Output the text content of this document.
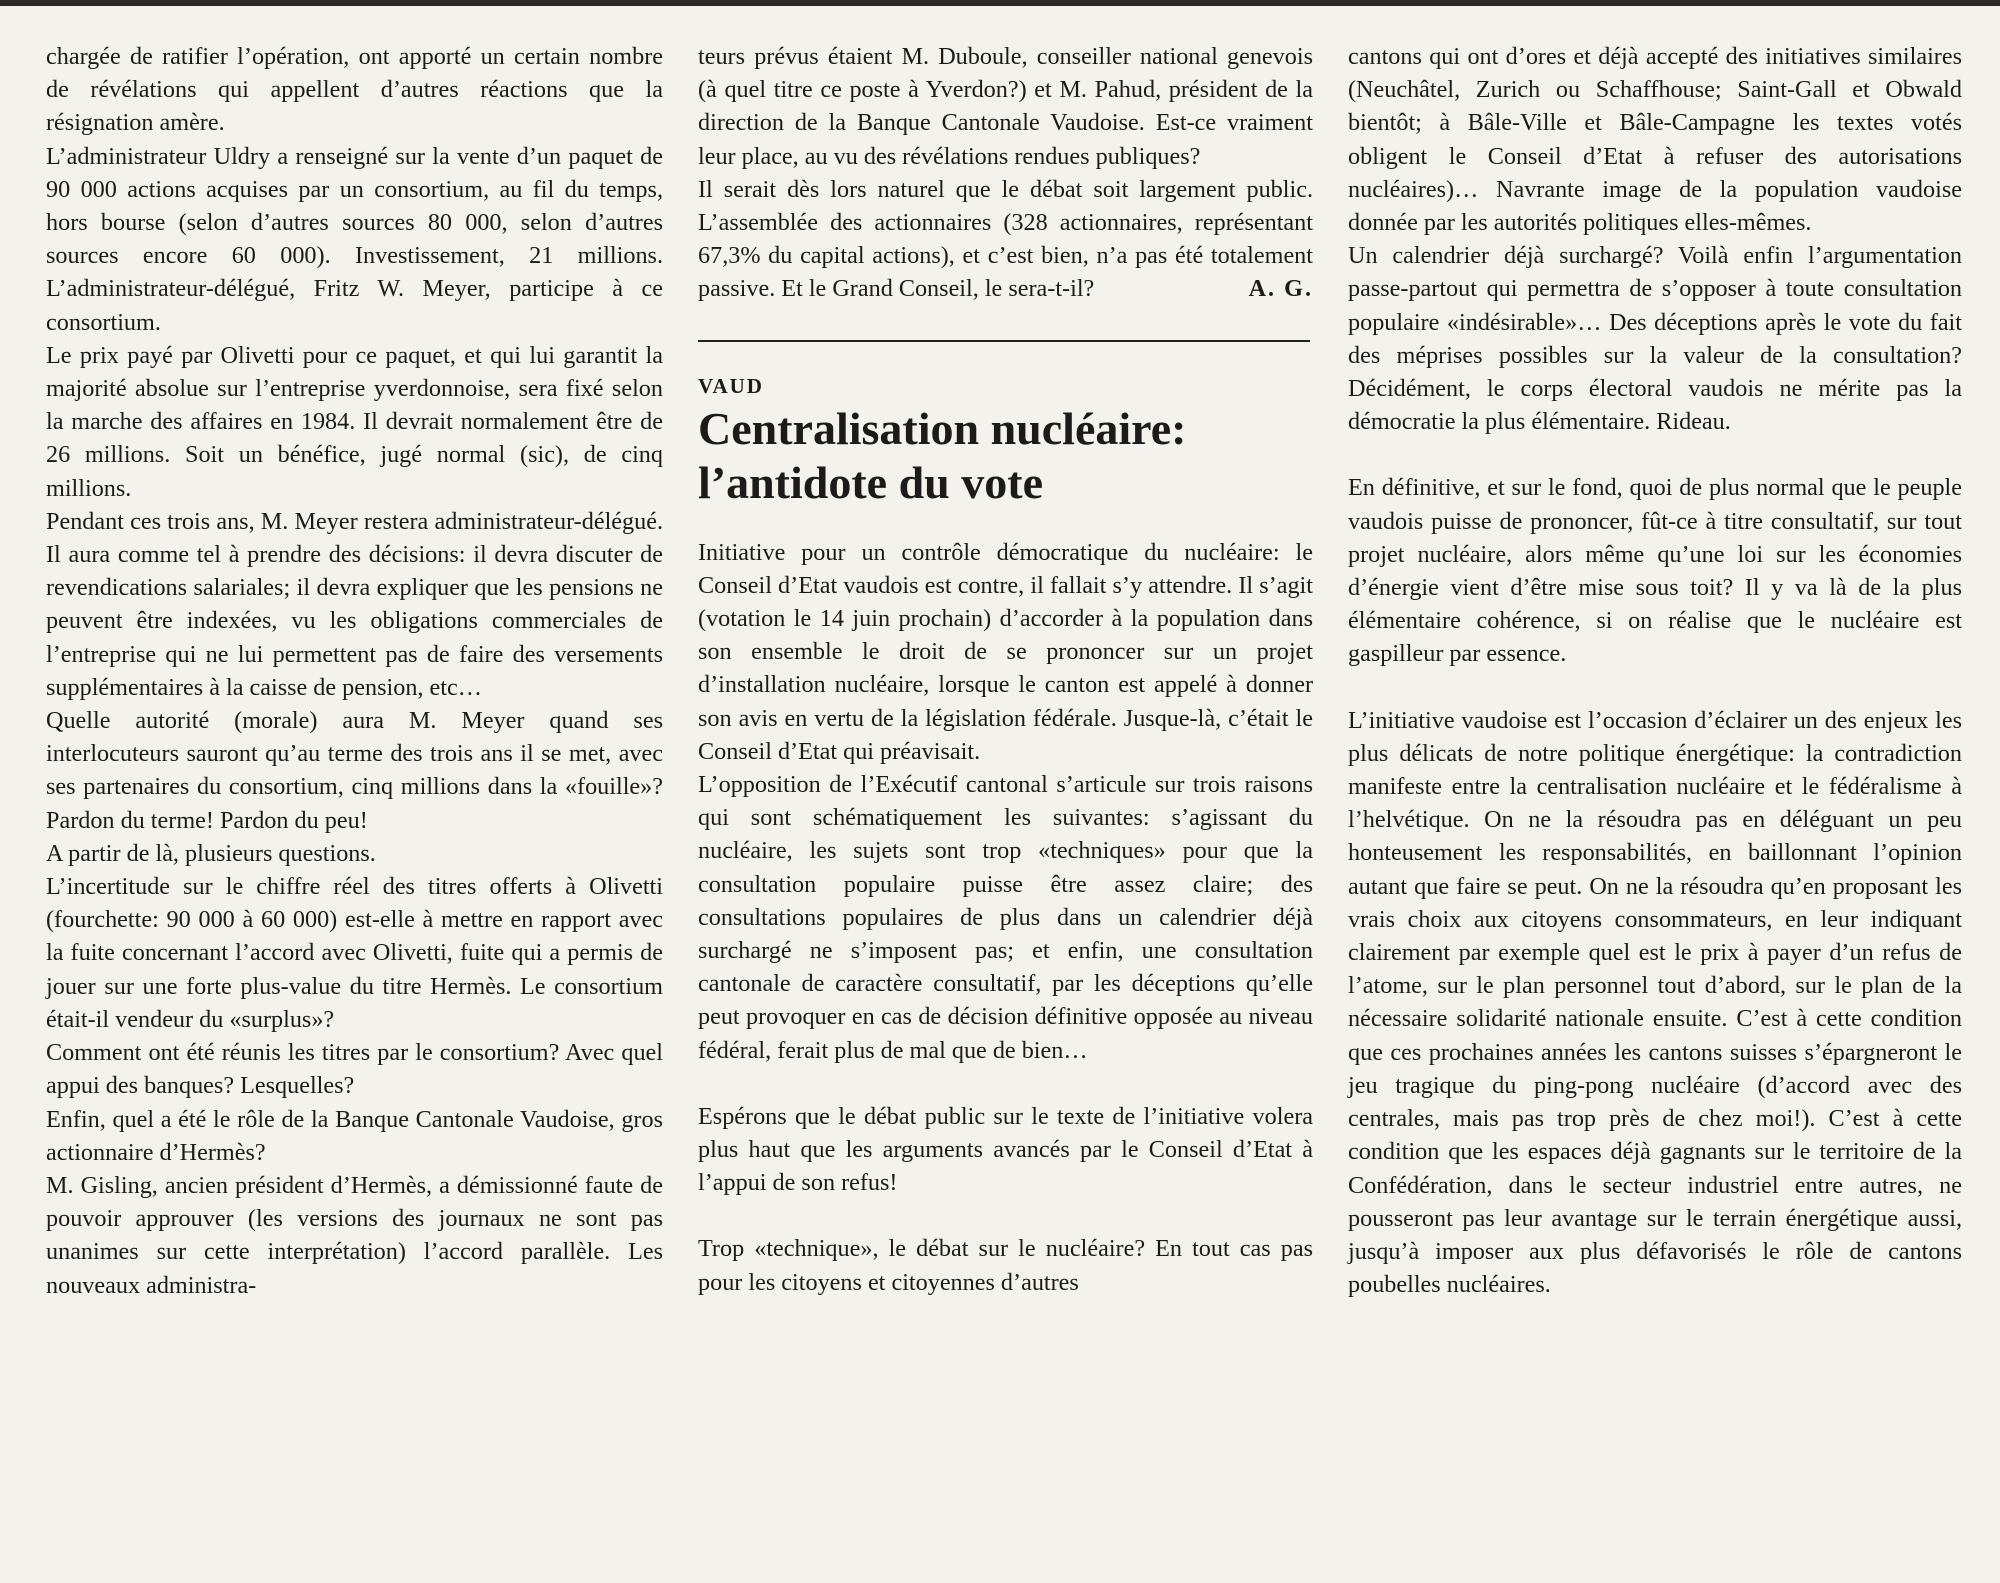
chargée de ratifier l’opération, ont apporté un certain nombre de révélations qui appellent d’autres réactions que la résignation amère.

L’administrateur Uldry a renseigné sur la vente d’un paquet de 90 000 actions acquises par un consortium, au fil du temps, hors bourse (selon d’autres sources 80 000, selon d’autres sources encore 60 000). Investissement, 21 millions. L’administrateur-délégué, Fritz W. Meyer, participe à ce consortium.

Le prix payé par Olivetti pour ce paquet, et qui lui garantit la majorité absolue sur l’entreprise yverdonnoise, sera fixé selon la marche des affaires en 1984. Il devrait normalement être de 26 millions. Soit un bénéfice, jugé normal (sic), de cinq millions.

Pendant ces trois ans, M. Meyer restera administrateur-délégué. Il aura comme tel à prendre des décisions: il devra discuter de revendications salariales; il devra expliquer que les pensions ne peuvent être indexées, vu les obligations commerciales de l’entreprise qui ne lui permettent pas de faire des versements supplémentaires à la caisse de pension, etc…

Quelle autorité (morale) aura M. Meyer quand ses interlocuteurs sauront qu’au terme des trois ans il se met, avec ses partenaires du consortium, cinq millions dans la «fouille»? Pardon du terme! Pardon du peu!

A partir de là, plusieurs questions.

L’incertitude sur le chiffre réel des titres offerts à Olivetti (fourchette: 90 000 à 60 000) est-elle à mettre en rapport avec la fuite concernant l’accord avec Olivetti, fuite qui a permis de jouer sur une forte plus-value du titre Hermès. Le consortium était-il vendeur du «surplus»?

Comment ont été réunis les titres par le consortium? Avec quel appui des banques? Lesquelles?

Enfin, quel a été le rôle de la Banque Cantonale Vaudoise, gros actionnaire d’Hermès?

M. Gisling, ancien président d’Hermès, a démissionné faute de pouvoir approuver (les versions des journaux ne sont pas unanimes sur cette interprétation) l’accord parallèle. Les nouveaux administra-

teurs prévus étaient M. Duboule, conseiller national genevois (à quel titre ce poste à Yverdon?) et M. Pahud, président de la direction de la Banque Cantonale Vaudoise. Est-ce vraiment leur place, au vu des révélations rendues publiques?

Il serait dès lors naturel que le débat soit largement public. L’assemblée des actionnaires (328 actionnaires, représentant 67,3% du capital actions), et c’est bien, n’a pas été totalement passive. Et le Grand Conseil, le sera-t-il?	A. G.

VAUD
Centralisation nucléaire:
l’antidote du vote

Initiative pour un contrôle démocratique du nucléaire: le Conseil d’Etat vaudois est contre, il fallait s’y attendre. Il s’agit (votation le 14 juin prochain) d’accorder à la population dans son ensemble le droit de se prononcer sur un projet d’installation nucléaire, lorsque le canton est appelé à donner son avis en vertu de la législation fédérale. Jusque-là, c’était le Conseil d’Etat qui préavisait.

L’opposition de l’Exécutif cantonal s’articule sur trois raisons qui sont schématiquement les suivantes: s’agissant du nucléaire, les sujets sont trop «techniques» pour que la consultation populaire puisse être assez claire; des consultations populaires de plus dans un calendrier déjà surchargé ne s’imposent pas; et enfin, une consultation cantonale de caractère consultatif, par les déceptions qu’elle peut provoquer en cas de décision définitive opposée au niveau fédéral, ferait plus de mal que de bien…

Espérons que le débat public sur le texte de l’initiative volera plus haut que les arguments avancés par le Conseil d’Etat à l’appui de son refus!

Trop «technique», le débat sur le nucléaire? En tout cas pas pour les citoyens et citoyennes d’autres

cantons qui ont d’ores et déjà accepté des initiatives similaires (Neuchâtel, Zurich ou Schaffhouse; Saint-Gall et Obwald bientôt; à Bâle-Ville et Bâle-Campagne les textes votés obligent le Conseil d’Etat à refuser des autorisations nucléaires)… Navrante image de la population vaudoise donnée par les autorités politiques elles-mêmes.

Un calendrier déjà surchargé? Voilà enfin l’argumentation passe-partout qui permettra de s’opposer à toute consultation populaire «indésirable»… Des déceptions après le vote du fait des méprises possibles sur la valeur de la consultation? Décidément, le corps électoral vaudois ne mérite pas la démocratie la plus élémentaire. Rideau.

En définitive, et sur le fond, quoi de plus normal que le peuple vaudois puisse de prononcer, fût-ce à titre consultatif, sur tout projet nucléaire, alors même qu’une loi sur les économies d’énergie vient d’être mise sous toit? Il y va là de la plus élémentaire cohérence, si on réalise que le nucléaire est gaspilleur par essence.

L’initiative vaudoise est l’occasion d’éclairer un des enjeux les plus délicats de notre politique énergétique: la contradiction manifeste entre la centralisation nucléaire et le fédéralisme à l’helvétique. On ne la résoudra pas en déléguant un peu honteusement les responsabilités, en baillonnant l’opinion autant que faire se peut. On ne la résoudra qu’en proposant les vrais choix aux citoyens consommateurs, en leur indiquant clairement par exemple quel est le prix à payer d’un refus de l’atome, sur le plan personnel tout d’abord, sur le plan de la nécessaire solidarité nationale ensuite. C’est à cette condition que ces prochaines années les cantons suisses s’épargneront le jeu tragique du ping-pong nucléaire (d’accord avec des centrales, mais pas trop près de chez moi!). C’est à cette condition que les espaces déjà gagnants sur le territoire de la Confédération, dans le secteur industriel entre autres, ne pousseront pas leur avantage sur le terrain énergétique aussi, jusqu’à imposer aux plus défavorisés le rôle de cantons poubelles nucléaires.
